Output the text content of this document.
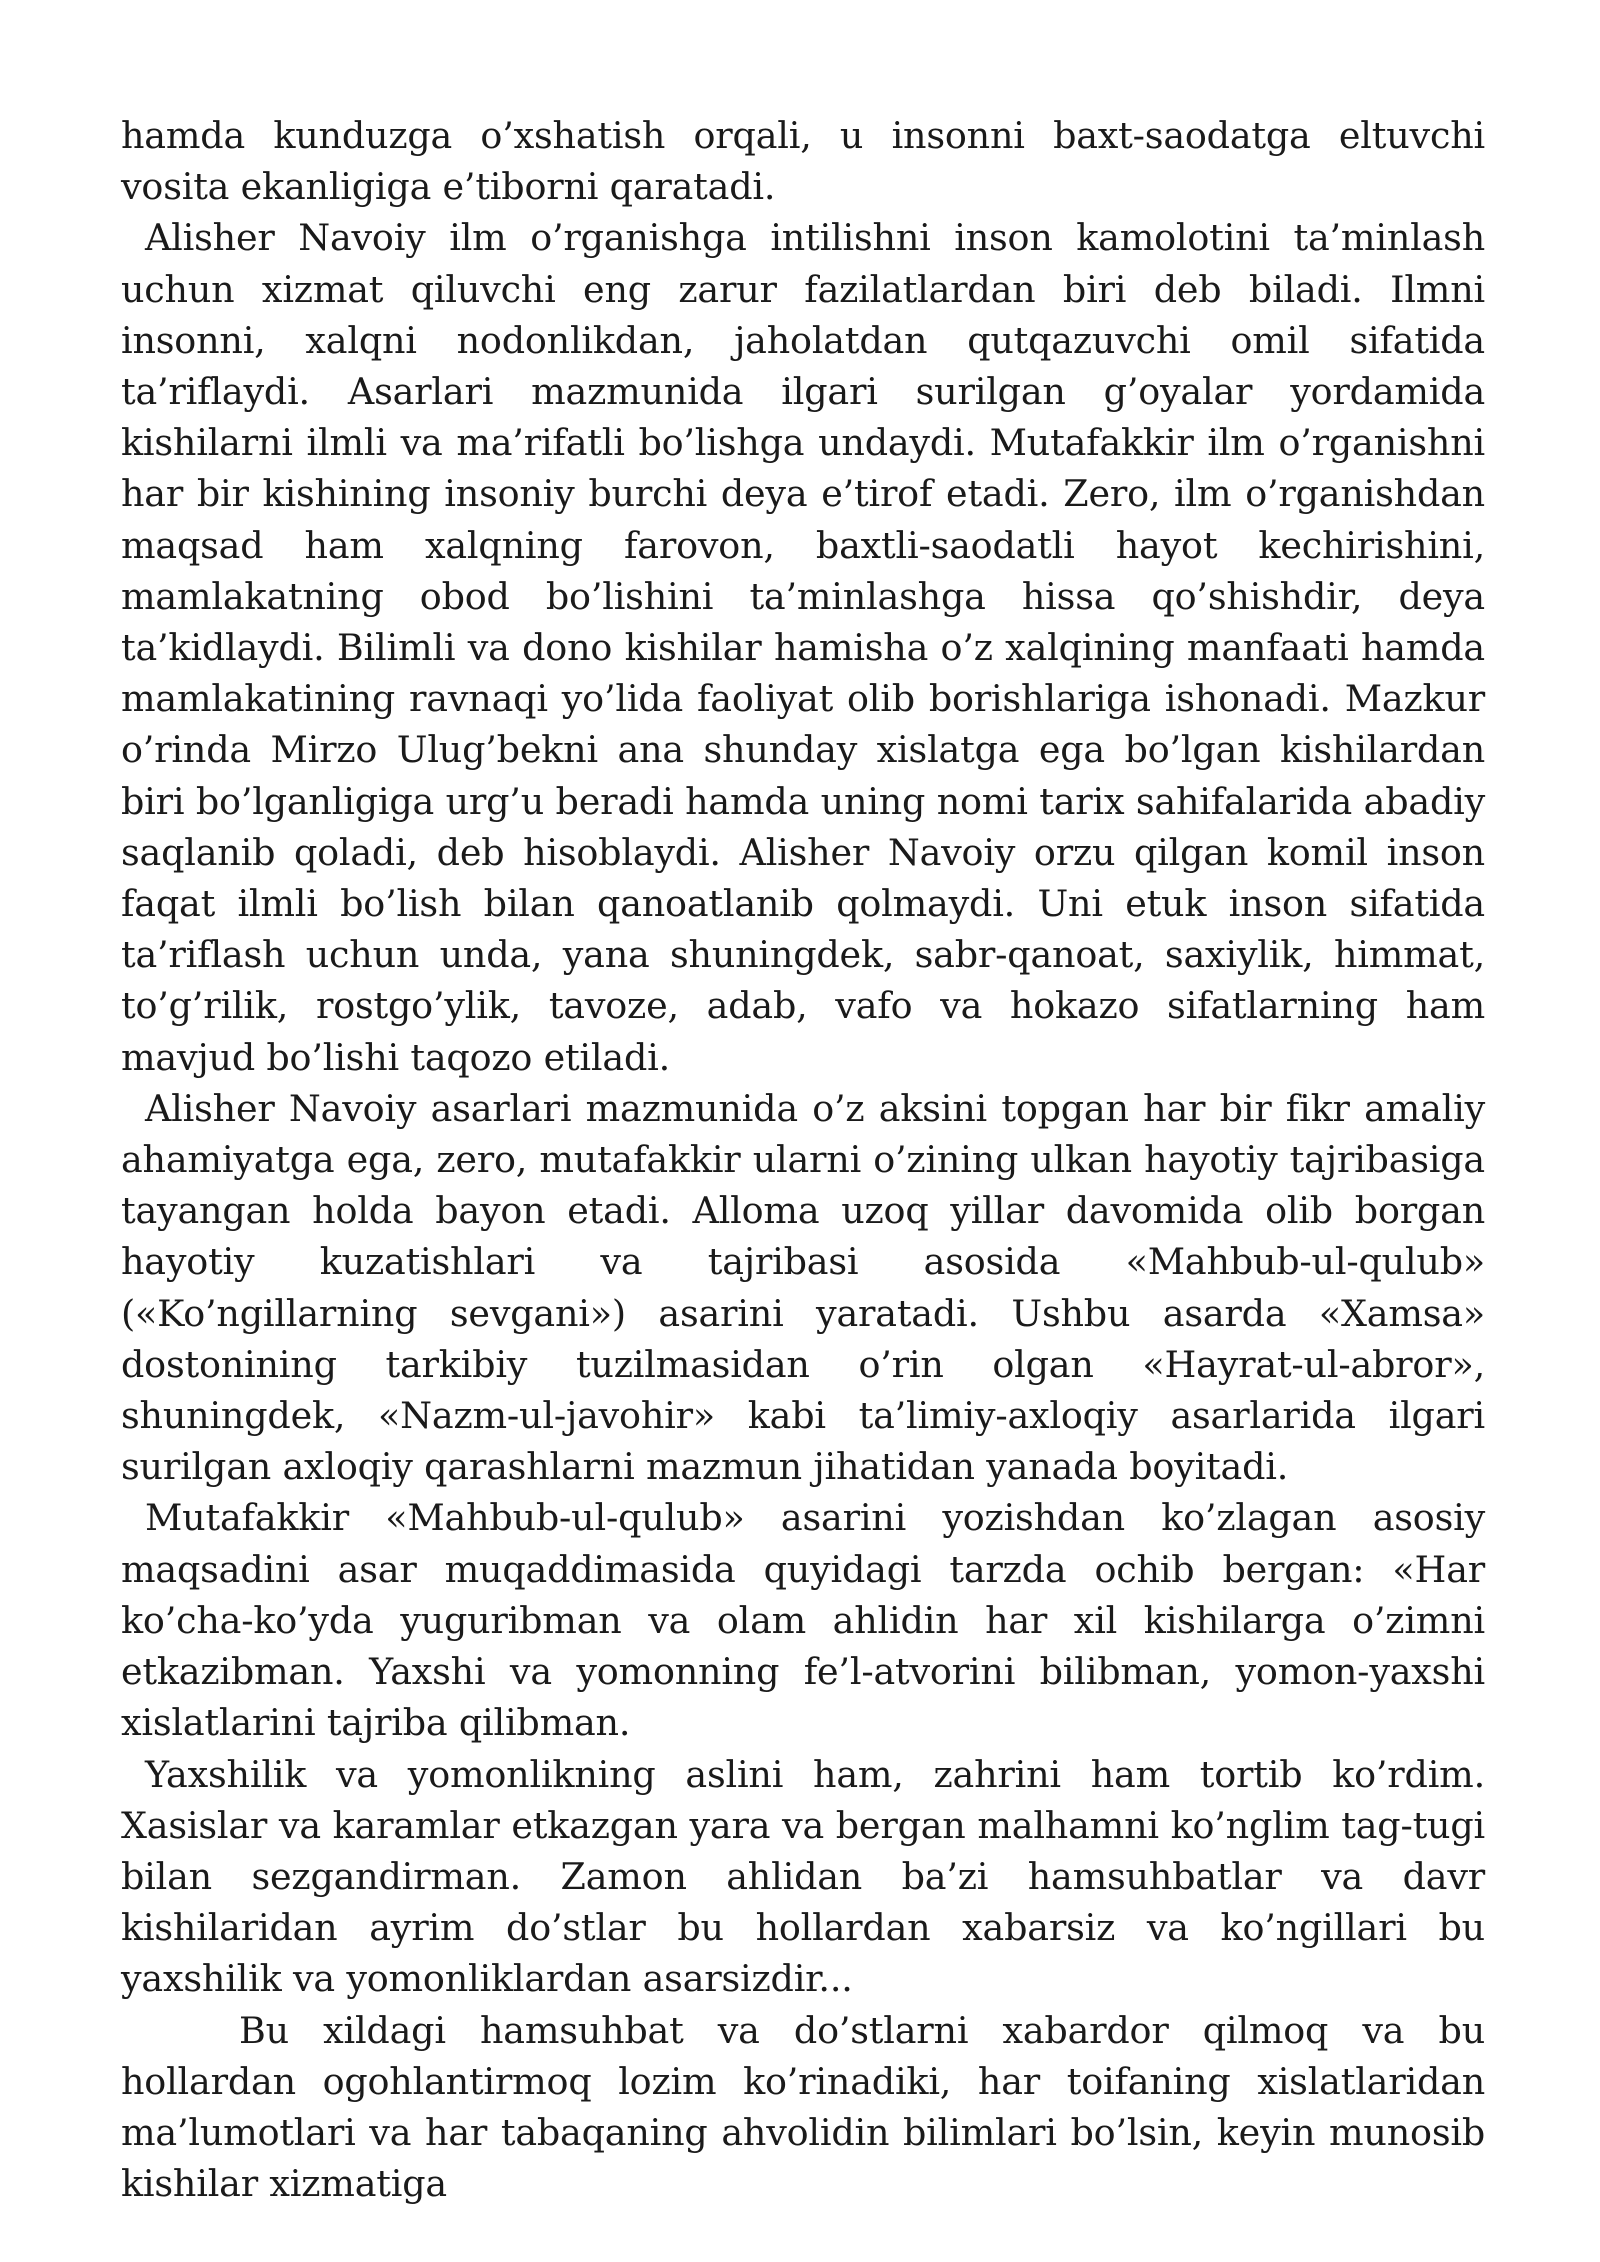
hamda kunduzga o’xshatish orqali, u insonni baxt-saodatga eltuvchi vosita ekanligiga e’tiborni qaratadi.

Alisher Navoiy ilm o’rganishga intilishni inson kamolotini ta’minlash uchun xizmat qiluvchi eng zarur fazilatlardan biri deb biladi. Ilmni insonni, xalqni nodonlikdan, jaholatdan qutqazuvchi omil sifatida ta’riflaydi. Asarlari mazmunida ilgari surilgan g’oyalar yordamida kishilarni ilmli va ma’rifatli bo’lishga undaydi. Mutafakkir ilm o’rganishni har bir kishining insoniy burchi deya e’tirof etadi. Zero, ilm o’rganishdan maqsad ham xalqning farovon, baxtli-saodatli hayot kechirishini, mamlakatning obod bo’lishini ta’minlashga hissa qo’shishdir, deya ta’kidlaydi. Bilimli va dono kishilar hamisha o’z xalqining manfaati hamda mamlakatining ravnaqi yo’lida faoliyat olib borishlariga ishonadi. Mazkur o’rinda Mirzo Ulug’bekni ana shunday xislatga ega bo’lgan kishilardan biri bo’lganligiga urg’u beradi hamda uning nomi tarix sahifalarida abadiy saqlanib qoladi, deb hisoblaydi. Alisher Navoiy orzu qilgan komil inson faqat ilmli bo’lish bilan qanoatlanib qolmaydi. Uni etuk inson sifatida ta’riflash uchun unda, yana shuningdek, sabr-qanoat, saxiylik, himmat, to’g’rilik, rostgo’ylik, tavoze, adab, vafo va hokazo sifatlarning ham mavjud bo’lishi taqozo etiladi.

Alisher Navoiy asarlari mazmunida o’z aksini topgan har bir fikr amaliy ahamiyatga ega, zero, mutafakkir ularni o’zining ulkan hayotiy tajribasiga tayangan holda bayon etadi. Alloma uzoq yillar davomida olib borgan hayotiy kuzatishlari va tajribasi asosida «Mahbub-ul-qulub» («Ko’ngillarning sevgani») asarini yaratadi. Ushbu asarda «Xamsa» dostonining tarkibiy tuzilmasidan o’rin olgan «Hayrat-ul-abror», shuningdek, «Nazm-ul-javohir» kabi ta’limiy-axloqiy asarlarida ilgari surilgan axloqiy qarashlarni mazmun jihatidan yanada boyitadi.

Mutafakkir «Mahbub-ul-qulub» asarini yozishdan ko’zlagan asosiy maqsadini asar muqaddimasida quyidagi tarzda ochib bergan: «Har ko’cha-ko’yda yuguribman va olam ahlidin har xil kishilarga o’zimni etkazibman. Yaxshi va yomonning fe’l-atvorini bilibman, yomon-yaxshi xislatlarini tajriba qilibman.

Yaxshilik va yomonlikning aslini ham, zahrini ham tortib ko’rdim. Xasislar va karamlar etkazgan yara va bergan malhamni ko’nglim tag-tugi bilan sezgandirman. Zamon ahlidan ba’zi hamsuhbatlar va davr kishilaridan ayrim do’stlar bu hollardan xabarsiz va ko’ngillari bu yaxshilik va yomonliklardan asarsizdir...

Bu xildagi hamsuhbat va do’stlarni xabardor qilmoq va bu hollardan ogohlantirmoq lozim ko’rinadiki, har toifaning xislatlaridan ma’lumotlari va har tabaqaning ahvolidin bilimlari bo’lsin, keyin munosib kishilar xizmatiga
